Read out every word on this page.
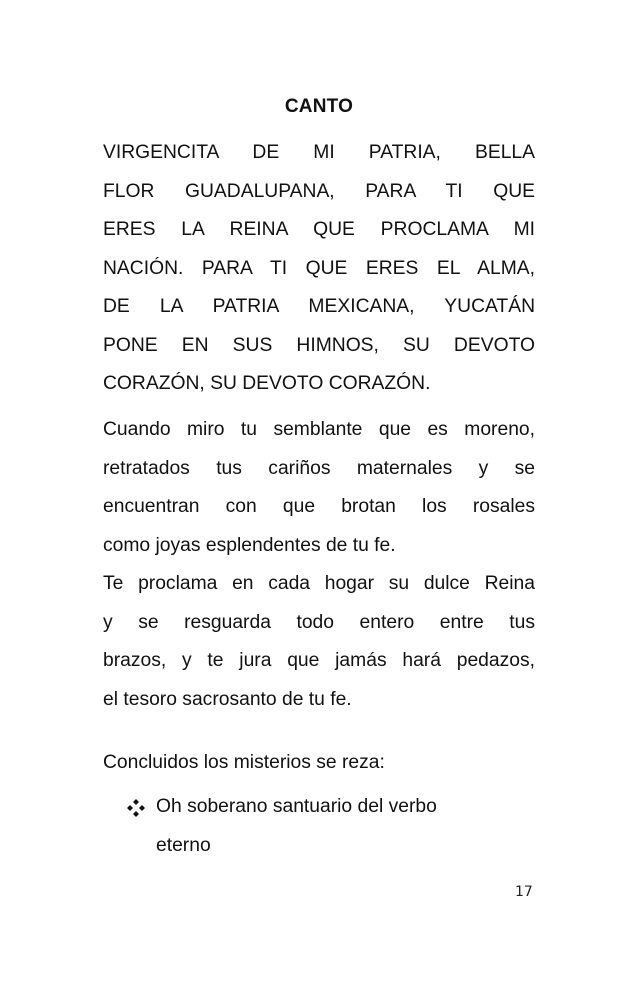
CANTO
VIRGENCITA DE MI PATRIA, BELLA
FLOR GUADALUPANA, PARA TI QUE
ERES LA REINA QUE PROCLAMA MI
NACIÓN. PARA TI QUE ERES EL ALMA,
DE LA PATRIA MEXICANA, YUCATÁN
PONE EN SUS HIMNOS, SU DEVOTO
CORAZÓN, SU DEVOTO CORAZÓN.
Cuando miro tu semblante que es moreno,
retratados tus cariños maternales y se
encuentran con que brotan los rosales
como joyas esplendentes de tu fe.
Te proclama en cada hogar su dulce Reina
y se resguarda todo entero entre tus
brazos, y te jura que jamás hará pedazos,
el tesoro sacrosanto de tu fe.
Concluidos los misterios se reza:
Oh soberano santuario del verbo
eterno
17
